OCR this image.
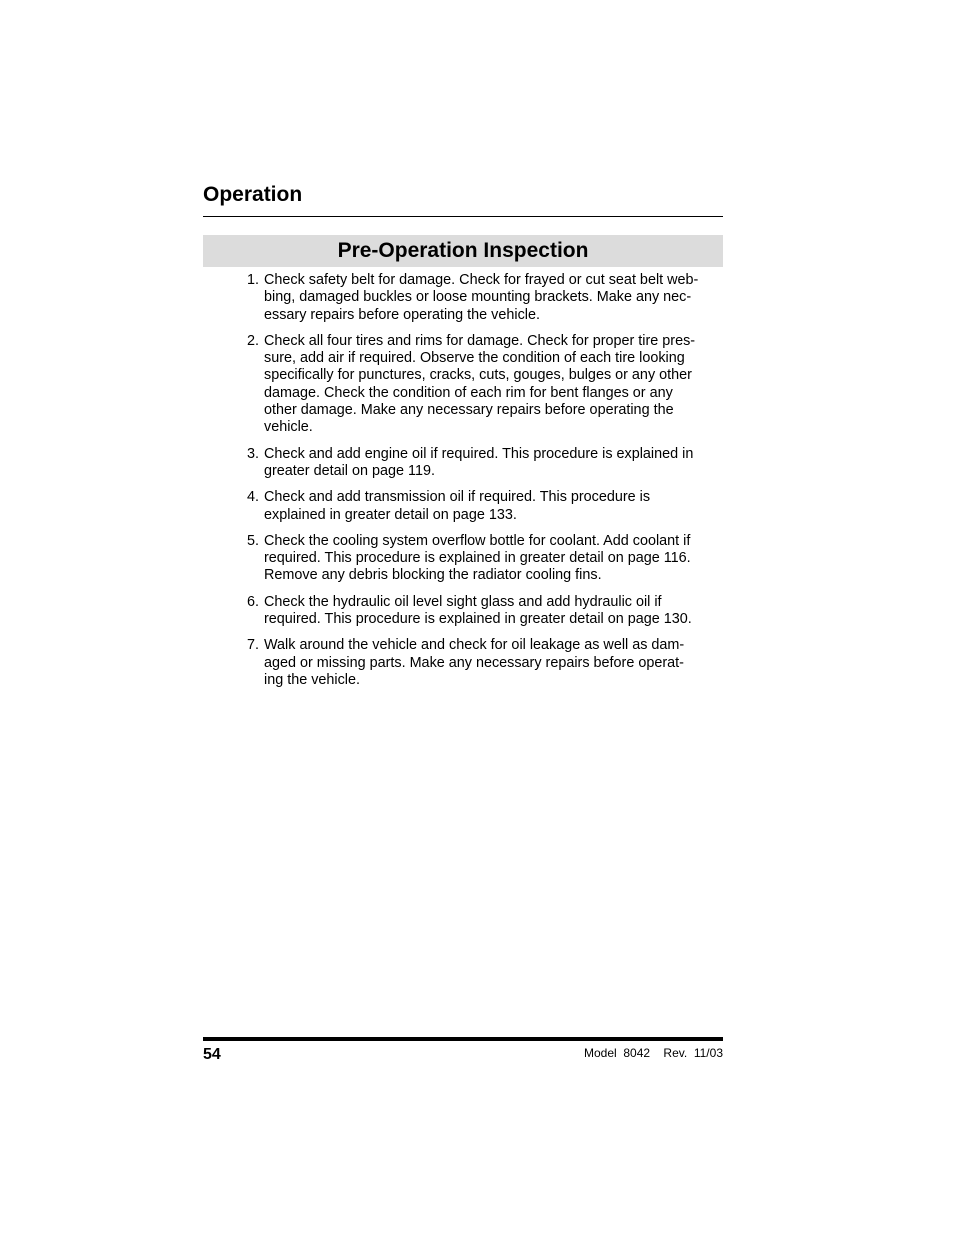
Operation
Pre-Operation Inspection
1. Check safety belt for damage. Check for frayed or cut seat belt web-
bing, damaged buckles or loose mounting brackets. Make any nec-
essary repairs before operating the vehicle.
2. Check all four tires and rims for damage. Check for proper tire pres-
sure, add air if required. Observe the condition of each tire looking
specifically for punctures, cracks, cuts, gouges, bulges or any other
damage. Check the condition of each rim for bent flanges or any
other damage. Make any necessary repairs before operating the
vehicle.
3. Check and add engine oil if required. This procedure is explained in
greater detail on page 119.
4. Check and add transmission oil if required. This procedure is
explained in greater detail on page 133.
5. Check the cooling system overflow bottle for coolant. Add coolant if
required. This procedure is explained in greater detail on page 116.
Remove any debris blocking the radiator cooling fins.
6. Check the hydraulic oil level sight glass and add hydraulic oil if
required. This procedure is explained in greater detail on page 130.
7. Walk around the vehicle and check for oil leakage as well as dam-
aged or missing parts. Make any necessary repairs before operat-
ing the vehicle.
54	Model  8042    Rev.  11/03
